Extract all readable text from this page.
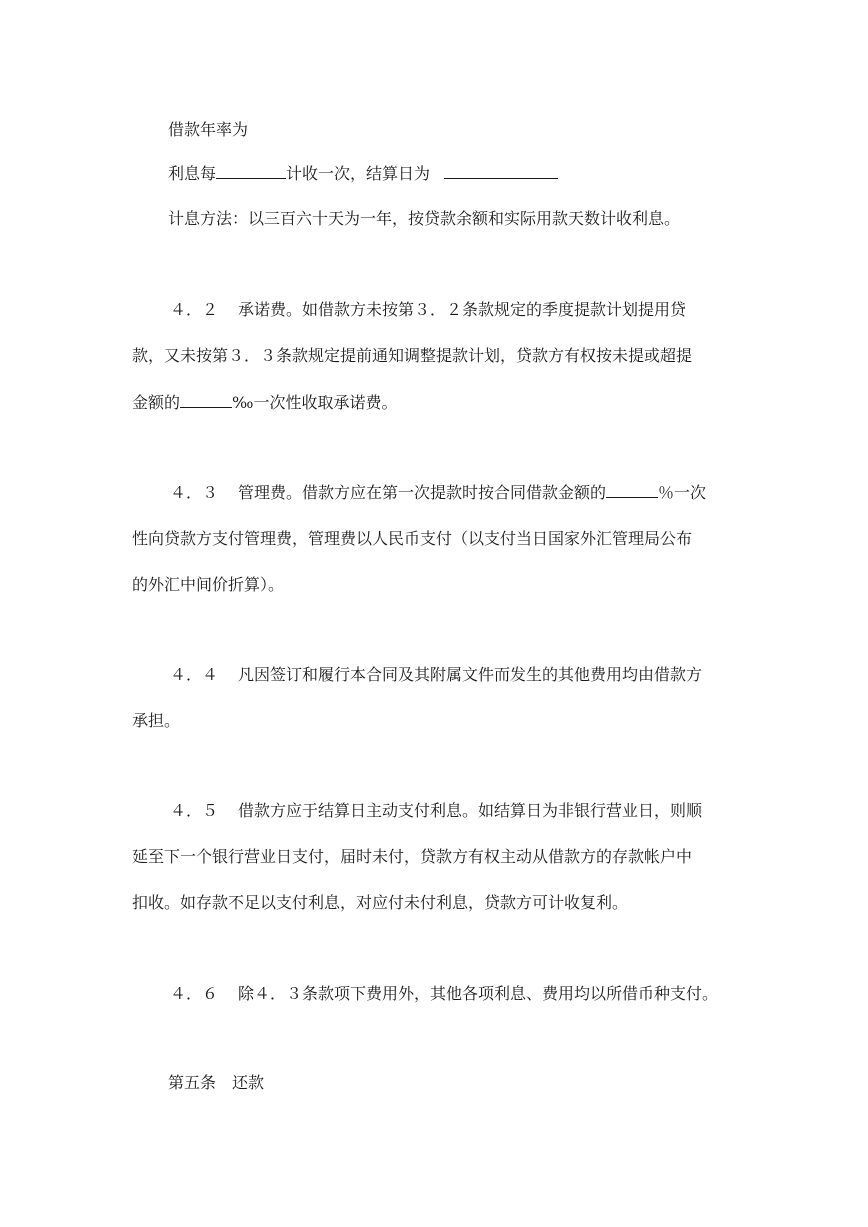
借款年率为
利息每	计收一次，结算日为
计息方法：以三百六十天为一年，按贷款余额和实际用款天数计收利息。
４．２ 承诺费。如借款方未按第３．２条款规定的季度提款计划提用贷
款，又未按第３．３条款规定提前通知调整提款计划，贷款方有权按未提或超提
金额的	‰一次性收取承诺费。
４．３ 管理费。借款方应在第一次提款时按合同借款金额的	％一次
性向贷款方支付管理费，管理费以人民币支付（以支付当日国家外汇管理局公布
的外汇中间价折算）。
４．４ 凡因签订和履行本合同及其附属文件而发生的其他费用均由借款方
承担。
４．５ 借款方应于结算日主动支付利息。如结算日为非银行营业日，则顺
延至下一个银行营业日支付，届时未付，贷款方有权主动从借款方的存款帐户中
扣收。如存款不足以支付利息，对应付未付利息，贷款方可计收复利。
４．６ 除４．３条款项下费用外，其他各项利息、费用均以所借币种支付。
第五条　还款
